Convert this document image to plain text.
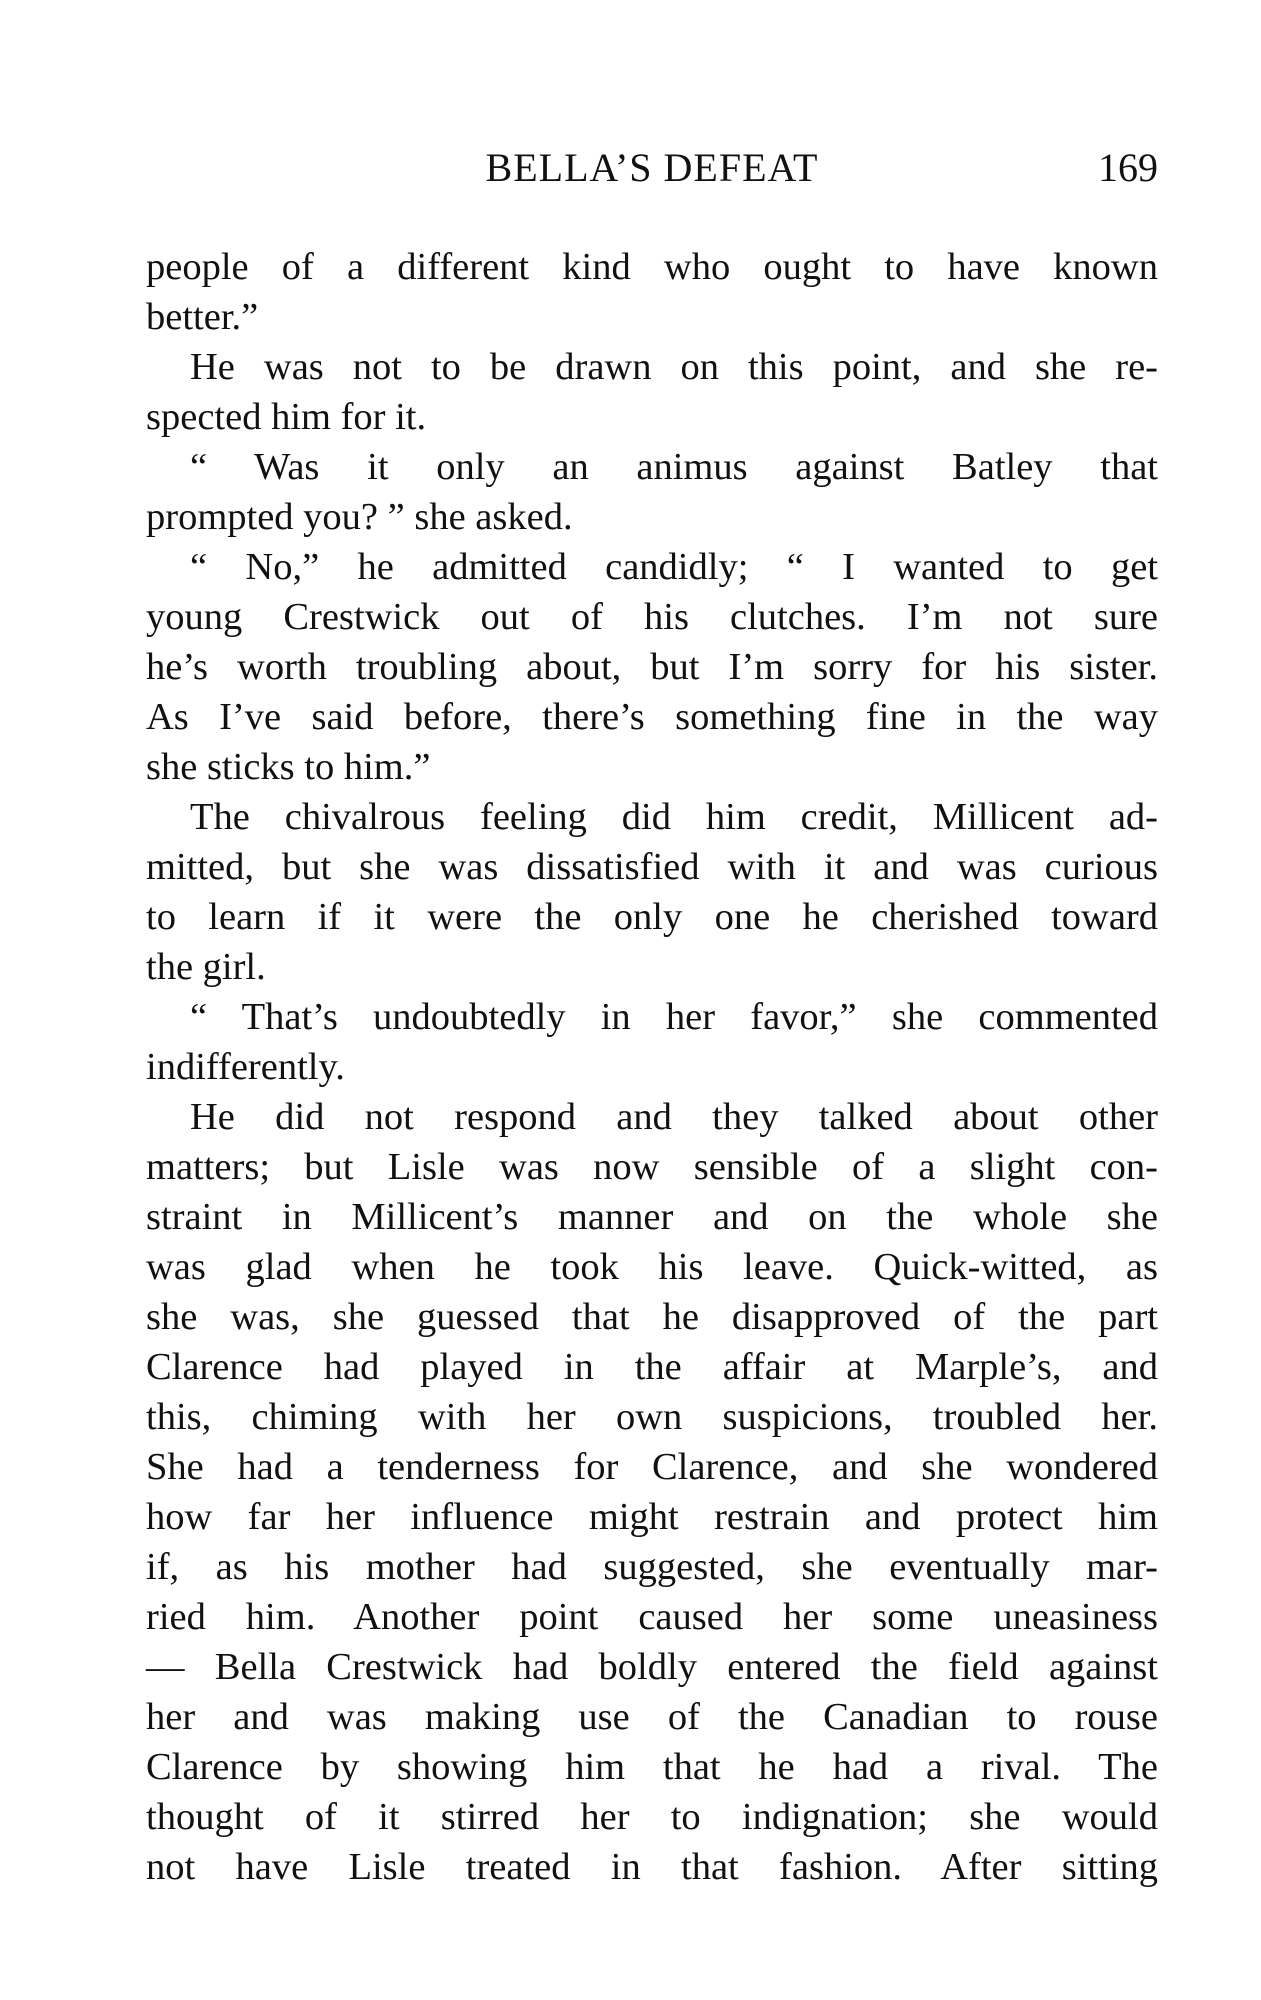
BELLA’S DEFEAT	169
people of a different kind who ought to have known
better.”
He was not to be drawn on this point, and she re-
spected him for it.
“ Was it only an animus against Batley that
prompted you? ” she asked.
“ No,” he admitted candidly; “ I wanted to get
young Crestwick out of his clutches. I’m not sure
he’s worth troubling about, but I’m sorry for his sister.
As I’ve said before, there’s something fine in the way
she sticks to him.”
The chivalrous feeling did him credit, Millicent ad-
mitted, but she was dissatisfied with it and was curious
to learn if it were the only one he cherished toward
the girl.
“ That’s undoubtedly in her favor,” she commented
indifferently.
He did not respond and they talked about other
matters; but Lisle was now sensible of a slight con-
straint in Millicent’s manner and on the whole she
was glad when he took his leave. Quick-witted, as
she was, she guessed that he disapproved of the part
Clarence had played in the affair at Marple’s, and
this, chiming with her own suspicions, troubled her.
She had a tenderness for Clarence, and she wondered
how far her influence might restrain and protect him
if, as his mother had suggested, she eventually mar-
ried him. Another point caused her some uneasiness
— Bella Crestwick had boldly entered the field against
her and was making use of the Canadian to rouse
Clarence by showing him that he had a rival. The
thought of it stirred her to indignation; she would
not have Lisle treated in that fashion. After sitting
